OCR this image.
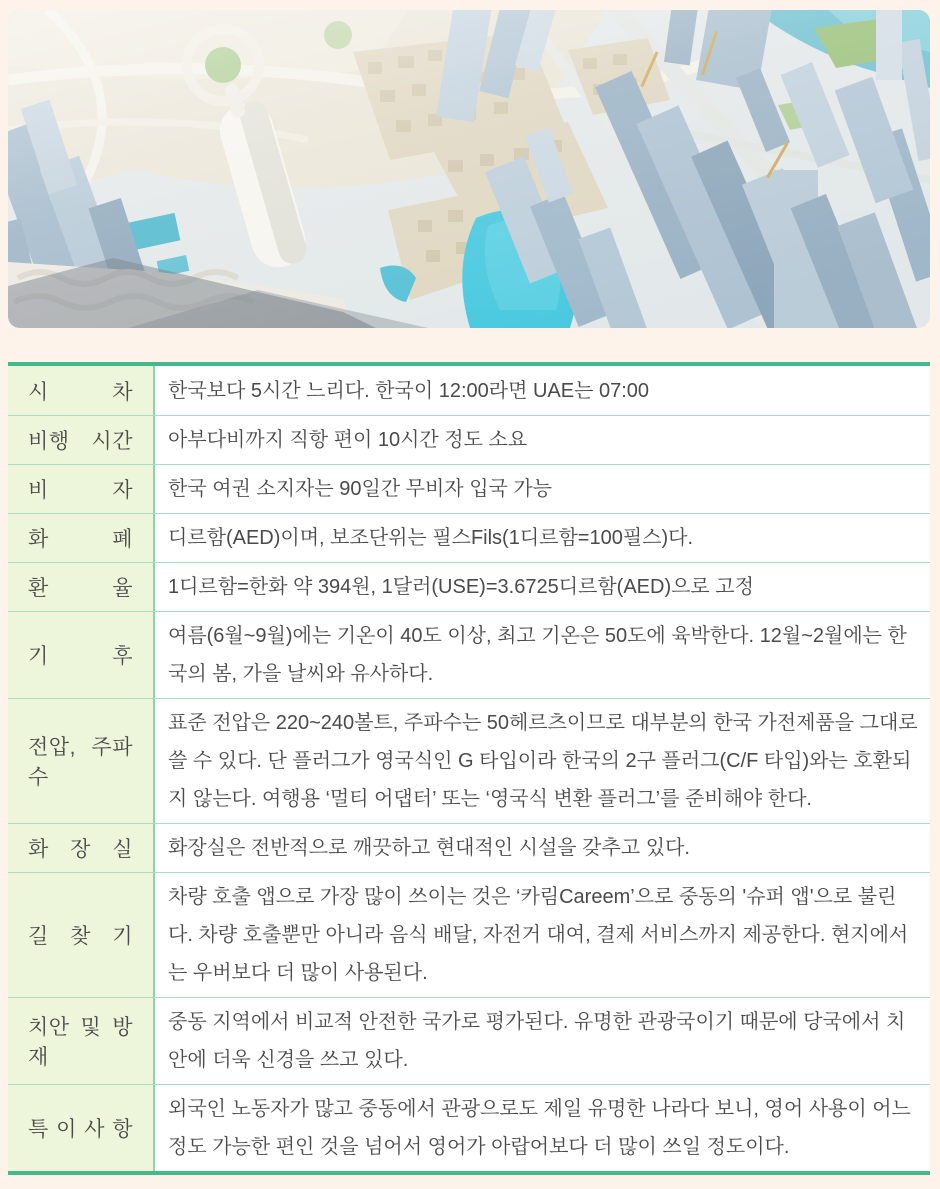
시 차 한국보다 5시간 느리다. 한국이 12:00라면 UAE는 07:00
비행 시간 아부다비까지 직항 편이 10시간 정도 소요
비 자 한국 여권 소지자는 90일간 무비자 입국 가능
화 폐 디르함(AED)이며, 보조단위는 필스Fils(1디르함=100필스)다.
환 율 1디르함=한화 약 394원, 1달러(USE)=3.6725디르함(AED)으로 고정
기 후
여름(6월~9월)에는 기온이 40도 이상, 최고 기온은 50도에 육박한다. 12월~2월에는 한국의 봄, 가을 날씨와 유사하다.
전압, 주파수
표준 전압은 220~240볼트, 주파수는 50헤르츠이므로 대부분의 한국 가전제품을 그대로 쓸 수 있다. 단 플러그가 영국식인 G 타입이라 한국의 2구 플러그(C/F 타입)와는 호환되지 않는다. 여행용 ‘멀티 어댑터’ 또는 ‘영국식 변환 플러그’를 준비해야 한다.
화 장 실 화장실은 전반적으로 깨끗하고 현대적인 시설을 갖추고 있다.
길 찾 기
차량 호출 앱으로 가장 많이 쓰이는 것은 ‘카림Careem’으로 중동의 '슈퍼 앱'으로 불린다. 차량 호출뿐만 아니라 음식 배달, 자전거 대여, 결제 서비스까지 제공한다. 현지에서는 우버보다 더 많이 사용된다.
치안 및 방재
중동 지역에서 비교적 안전한 국가로 평가된다. 유명한 관광국이기 때문에 당국에서 치안에 더욱 신경을 쓰고 있다.
특 이 사 항
외국인 노동자가 많고 중동에서 관광으로도 제일 유명한 나라다 보니, 영어 사용이 어느 정도 가능한 편인 것을 넘어서 영어가 아랍어보다 더 많이 쓰일 정도이다.
